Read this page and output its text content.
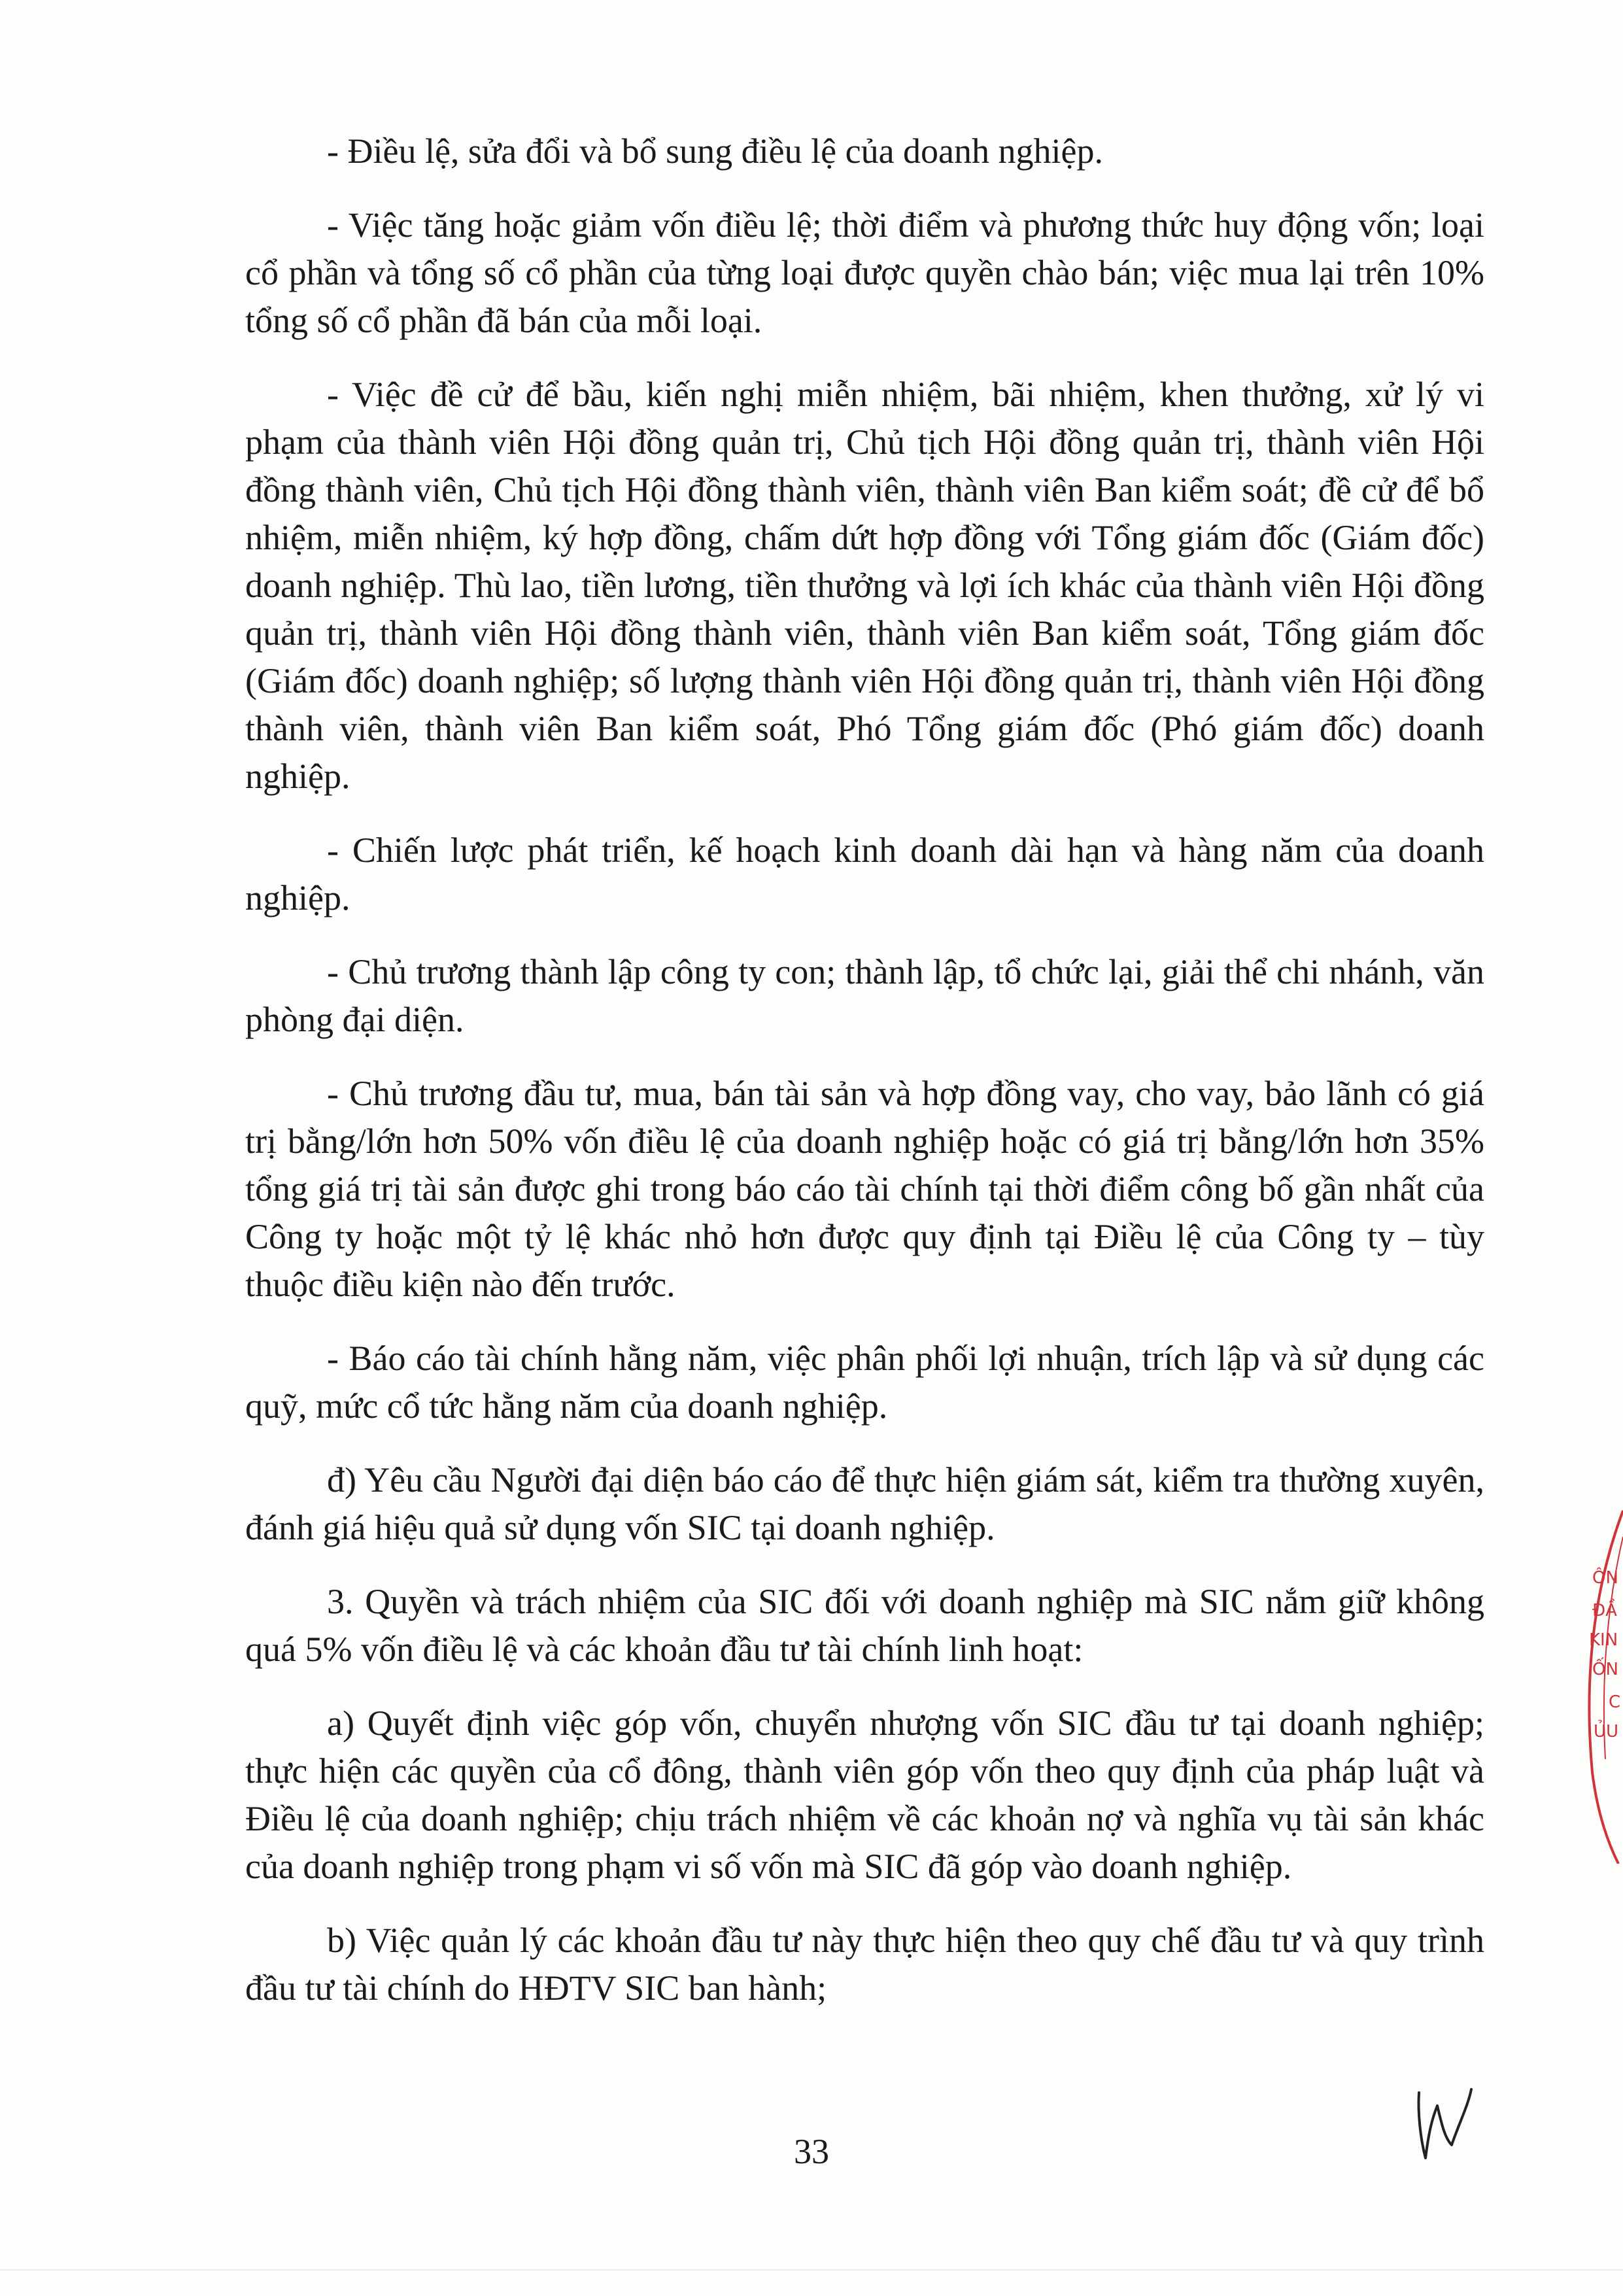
- Điều lệ, sửa đổi và bổ sung điều lệ của doanh nghiệp.

- Việc tăng hoặc giảm vốn điều lệ; thời điểm và phương thức huy động vốn; loại cổ phần và tổng số cổ phần của từng loại được quyền chào bán; việc mua lại trên 10% tổng số cổ phần đã bán của mỗi loại.

- Việc đề cử để bầu, kiến nghị miễn nhiệm, bãi nhiệm, khen thưởng, xử lý vi phạm của thành viên Hội đồng quản trị, Chủ tịch Hội đồng quản trị, thành viên Hội đồng thành viên, Chủ tịch Hội đồng thành viên, thành viên Ban kiểm soát; đề cử để bổ nhiệm, miễn nhiệm, ký hợp đồng, chấm dứt hợp đồng với Tổng giám đốc (Giám đốc) doanh nghiệp. Thù lao, tiền lương, tiền thưởng và lợi ích khác của thành viên Hội đồng quản trị, thành viên Hội đồng thành viên, thành viên Ban kiểm soát, Tổng giám đốc (Giám đốc) doanh nghiệp; số lượng thành viên Hội đồng quản trị, thành viên Hội đồng thành viên, thành viên Ban kiểm soát, Phó Tổng giám đốc (Phó giám đốc) doanh nghiệp.

- Chiến lược phát triển, kế hoạch kinh doanh dài hạn và hàng năm của doanh nghiệp.

- Chủ trương thành lập công ty con; thành lập, tổ chức lại, giải thể chi nhánh, văn phòng đại diện.

- Chủ trương đầu tư, mua, bán tài sản và hợp đồng vay, cho vay, bảo lãnh có giá trị bằng/lớn hơn 50% vốn điều lệ của doanh nghiệp hoặc có giá trị bằng/lớn hơn 35% tổng giá trị tài sản được ghi trong báo cáo tài chính tại thời điểm công bố gần nhất của Công ty hoặc một tỷ lệ khác nhỏ hơn được quy định tại Điều lệ của Công ty – tùy thuộc điều kiện nào đến trước.

- Báo cáo tài chính hằng năm, việc phân phối lợi nhuận, trích lập và sử dụng các quỹ, mức cổ tức hằng năm của doanh nghiệp.

đ) Yêu cầu Người đại diện báo cáo để thực hiện giám sát, kiểm tra thường xuyên, đánh giá hiệu quả sử dụng vốn SIC tại doanh nghiệp.

3. Quyền và trách nhiệm của SIC đối với doanh nghiệp mà SIC nắm giữ không quá 5% vốn điều lệ và các khoản đầu tư tài chính linh hoạt:

a) Quyết định việc góp vốn, chuyển nhượng vốn SIC đầu tư tại doanh nghiệp; thực hiện các quyền của cổ đông, thành viên góp vốn theo quy định của pháp luật và Điều lệ của doanh nghiệp; chịu trách nhiệm về các khoản nợ và nghĩa vụ tài sản khác của doanh nghiệp trong phạm vi số vốn mà SIC đã góp vào doanh nghiệp.

b) Việc quản lý các khoản đầu tư này thực hiện theo quy chế đầu tư và quy trình đầu tư tài chính do HĐTV SIC ban hành;

ÔN
ĐẦ
KIN
ỐN
C
ỦU
33
